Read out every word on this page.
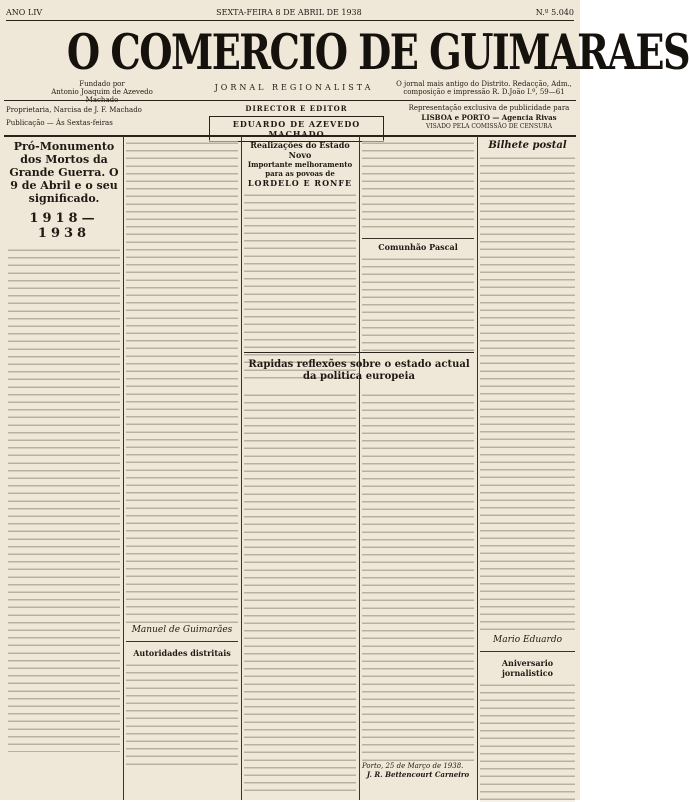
ANO LIV	SEXTA-FEIRA 8 DE ABRIL DE 1938	N.º 5.040
O COMERCIO DE GUIMARAES
Fundado por
Antonio Joaquim de Azevedo Machado
JORNAL REGIONALISTA	O jornal mais antigo do Distrito. Redacção, Adm., composição e impressão R. D.João I.º, 59—61
Proprietaria, Narcisa de J. F. Machado
Publicação — Às Sextas-feiras
DIRECTOR E EDITOR
EDUARDO DE AZEVEDO MACHADO
Representação exclusiva de publicidade para
LISBOA e PORTO — Agencia Rivas
VISADO PELA COMISSÃO DE CENSURA
Pró-Monumento dos Mortos da Grande Guerra. O 9 de Abril e o seu significado.
1918—1938
Manuel de Guimarães
Autoridades distritais
Realizações do Estado Novo
Importante melhoramento para as povoas de
LORDELO E RONFE
Comunhão Pascal
Rapidas reflexões sobre o estado actual da politica europeia
Porto, 25 de Março de 1938.
J. R. Bettencourt Carneiro
Bilhete postal
Mario Eduardo
Aniversario jornalistico
